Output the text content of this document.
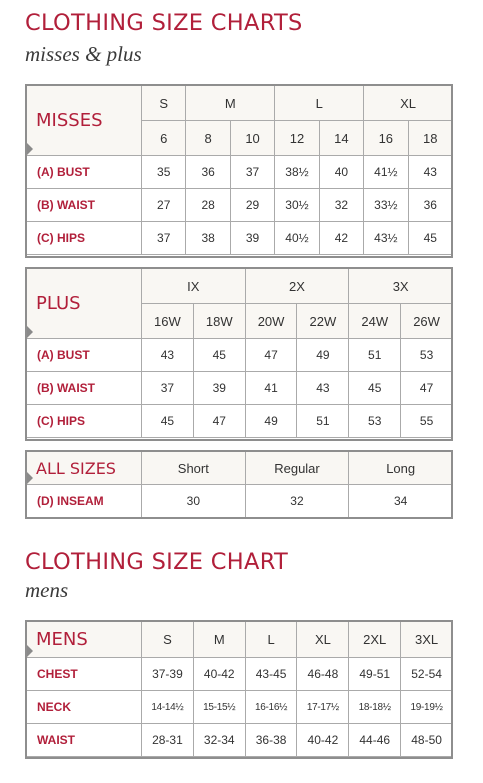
CLOTHING SIZE CHARTS
misses & plus
MISSES	S	M		L		XL	
	6	8	10	12	14	16	18
(A) BUST	35	36	37	38½	40	41½	43
(B) WAIST	27	28	29	30½	32	33½	36
(C) HIPS	37	38	39	40½	42	43½	45
PLUS	IX		2X		3X	
	16W	18W	20W	22W	24W	26W
(A) BUST	43	45	47	49	51	53
(B) WAIST	37	39	41	43	45	47
(C) HIPS	45	47	49	51	53	55
ALL SIZES	Short	Regular	Long
(D) INSEAM	30	32	34
CLOTHING SIZE CHART
mens
MENS	S	M	L	XL	2XL	3XL
CHEST	37-39	40-42	43-45	46-48	49-51	52-54
NECK	14-14½	15-15½	16-16½	17-17½	18-18½	19-19½
WAIST	28-31	32-34	36-38	40-42	44-46	48-50
